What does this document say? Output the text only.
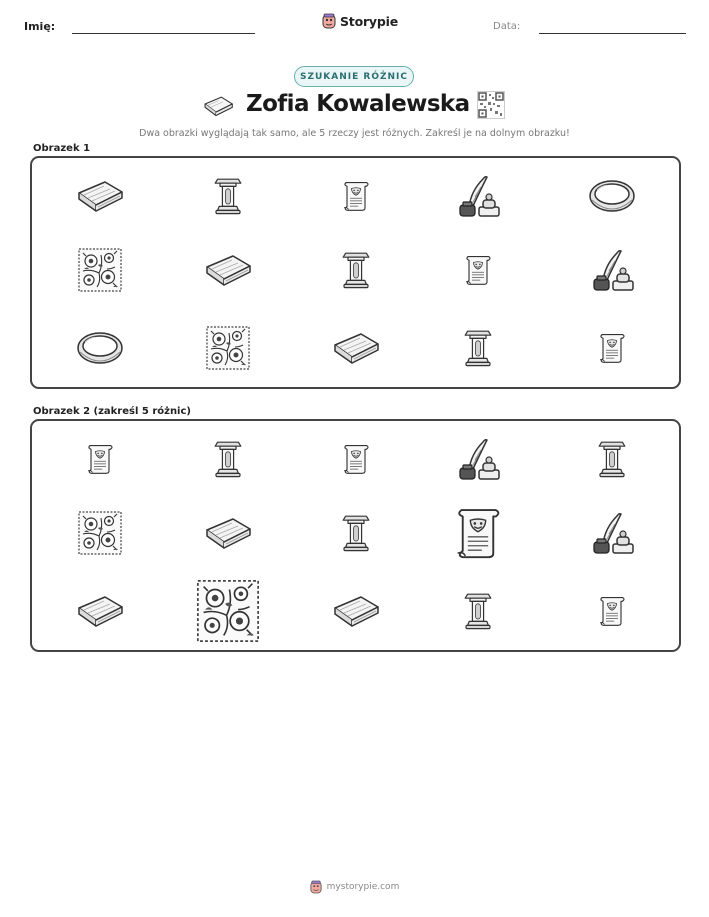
Imię:	Storypie	Data:
SZUKANIE RÓŻNIC
Zofia Kowalewska
Dwa obrazki wyglądają tak samo, ale 5 rzeczy jest różnych. Zakreśl je na dolnym obrazku!
Obrazek 1
Obrazek 2 (zakreśl 5 różnic)
mystorypie.com
